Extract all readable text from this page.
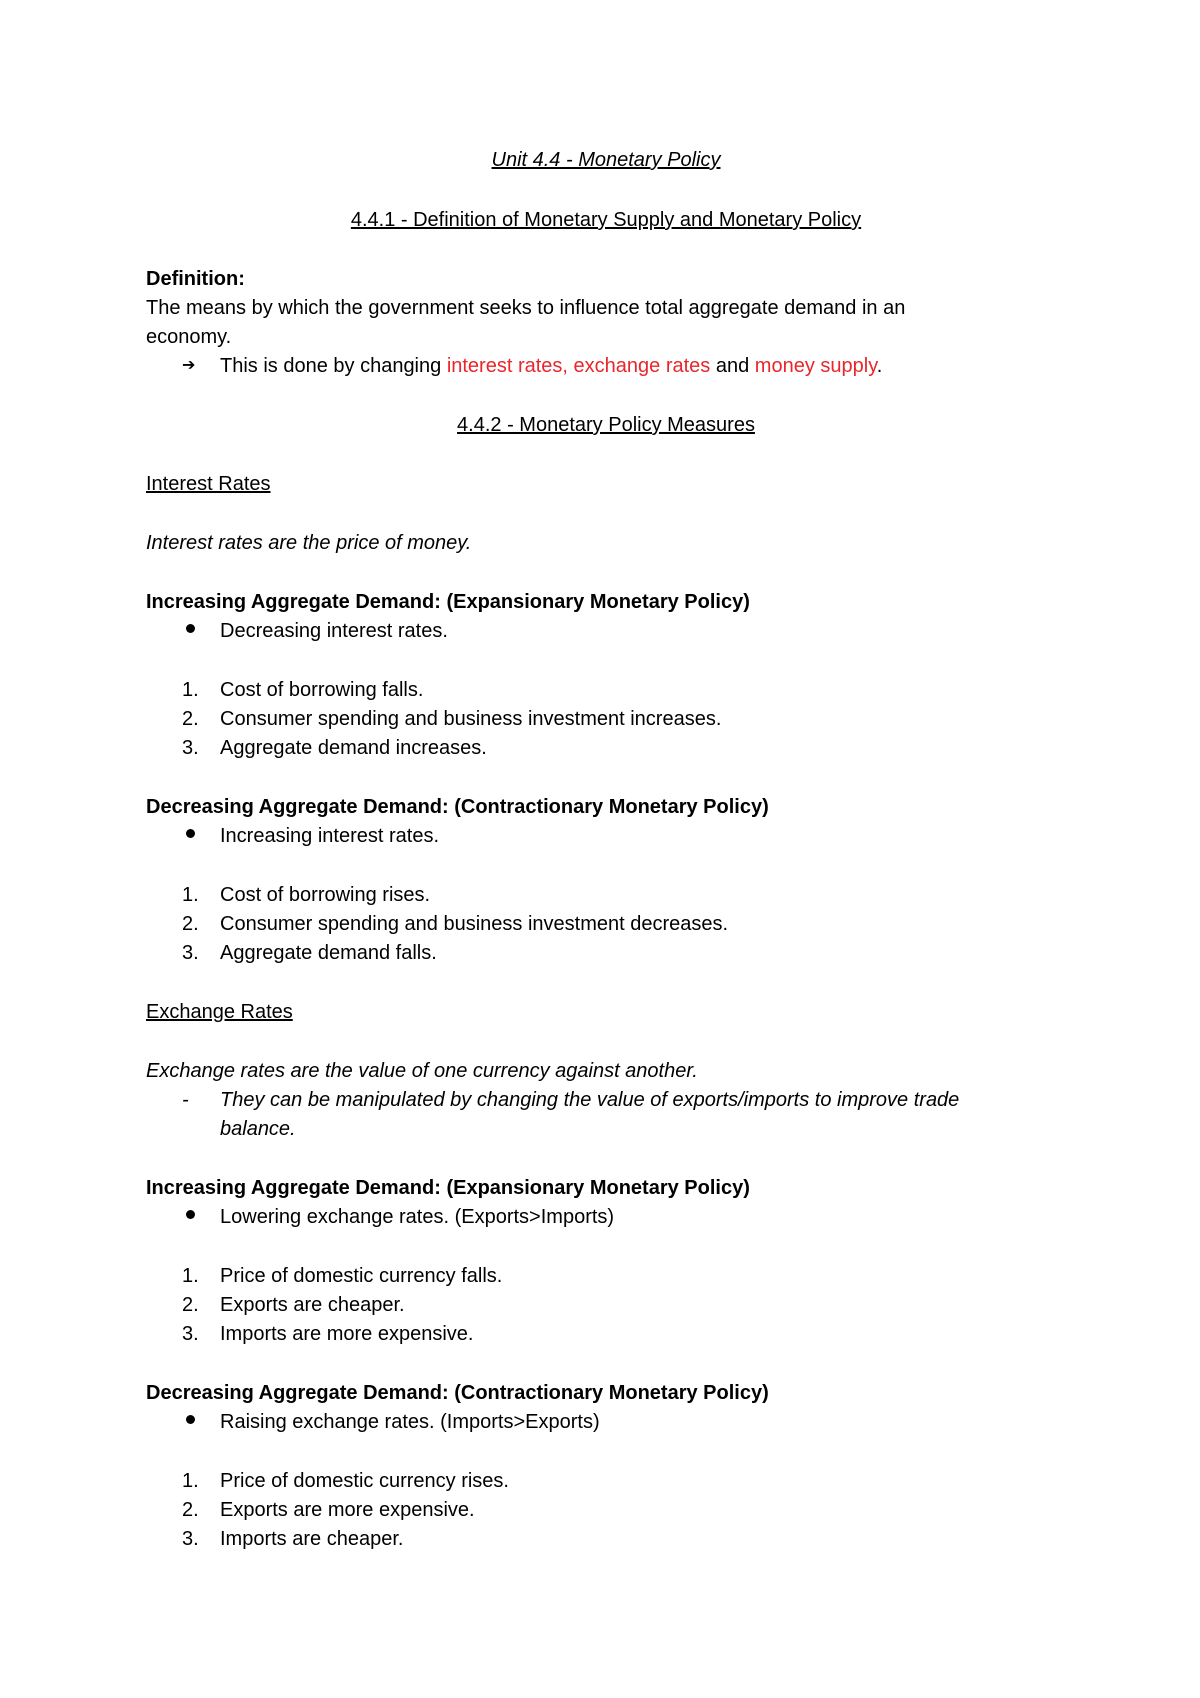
Unit 4.4 - Monetary Policy
4.4.1 - Definition of Monetary Supply and Monetary Policy
Definition:
The means by which the government seeks to influence total aggregate demand in an
economy.
➔ This is done by changing interest rates, exchange rates and money supply.
4.4.2 - Monetary Policy Measures
Interest Rates
Interest rates are the price of money.
Increasing Aggregate Demand: (Expansionary Monetary Policy)
Decreasing interest rates.
1.	Cost of borrowing falls.
2.	Consumer spending and business investment increases.
3.	Aggregate demand increases.
Decreasing Aggregate Demand: (Contractionary Monetary Policy)
Increasing interest rates.
1.	Cost of borrowing rises.
2.	Consumer spending and business investment decreases.
3.	Aggregate demand falls.
Exchange Rates
Exchange rates are the value of one currency against another.
- They can be manipulated by changing the value of exports/imports to improve trade
balance.
Increasing Aggregate Demand: (Expansionary Monetary Policy)
Lowering exchange rates. (Exports>Imports)
1.	Price of domestic currency falls.
2.	Exports are cheaper.
3.	Imports are more expensive.
Decreasing Aggregate Demand: (Contractionary Monetary Policy)
Raising exchange rates. (Imports>Exports)
1.	Price of domestic currency rises.
2.	Exports are more expensive.
3.	Imports are cheaper.
